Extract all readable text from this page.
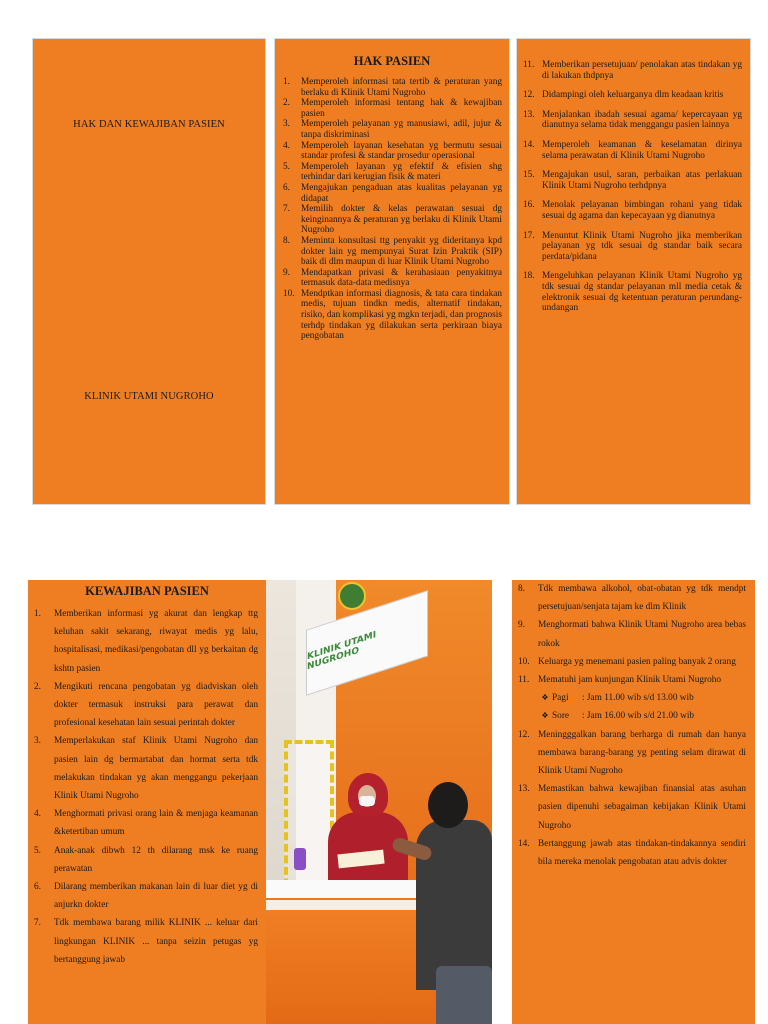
HAK DAN KEWAJIBAN PASIEN
KLINIK UTAMI NUGROHO
HAK PASIEN
1.	Memperoleh informasi tata tertib & peraturan yang berlaku di Klinik Utami Nugroho
2.	Memperoleh informasi tentang hak & kewajiban pasien
3.	Memperoleh pelayanan yg manusiawi, adil, jujur & tanpa diskriminasi
4.	Memperoleh layanan kesehatan yg bermutu sesuai standar profesi & standar prosedur operasional
5.	Memperoleh layanan yg efektif & efisien shg terhindar dari kerugian fisik & materi
6.	Mengajukan pengaduan atas kualitas pelayanan yg didapat
7.	Memilih dokter & kelas perawatan sesuai dg keinginannya & peraturan yg berlaku di Klinik Utami Nugroho
8.	Meminta konsultasi ttg penyakit yg dideritanya kpd dokter lain yg mempunyai Surat Izin Praktik (SIP) baik di dlm maupun di luar Klinik Utami Nugroho
9.	Mendapatkan privasi & kerahasiaan penyakitnya termasuk data-data medisnya
10. Mendptkan informasi diagnosis, & tata cara tindakan medis, tujuan tindkn medis, alternatif tindakan, risiko, dan komplikasi yg mgkn terjadi, dan prognosis terhdp tindakan yg dilakukan serta perkiraan biaya pengobatan
11. Memberikan persetujuan/ penolakan atas tindakan yg di lakukan thdpnya
12. Didampingi oleh keluarganya dlm keadaan kritis
13. Menjalankan ibadah sesuai agama/ kepercayaan yg dianutnya selama tidak menggangu pasien lainnya
14. Memperoleh keamanan & keselamatan dirinya selama perawatan di Klinik Utami Nugroho
15. Mengajukan usul, saran, perbaikan atas perlakuan Klinik Utami Nugroho terhdpnya
16. Menolak pelayanan bimbingan rohani yang tidak sesuai dg agama dan kepecayaan yg dianutnya
17. Menuntut Klinik Utami Nugroho jika memberikan pelayanan yg tdk sesuai dg standar baik secara perdata/pidana
18. Mengeluhkan pelayanan Klinik Utami Nugroho yg tdk sesuai dg standar pelayanan mll media cetak & elektronik sesuai dg ketentuan peraturan perundang-undangan
KEWAJIBAN PASIEN
1.	Memberikan informasi yg akurat dan lengkap ttg keluhan sakit sekarang, riwayat medis yg lalu, hospitalisasi, medikasi/pengobatan dll yg berkaitan dg kshtn pasien
2.	Mengikuti rencana pengobatan yg diadviskan oleh dokter termasuk instruksi para perawat dan profesional kesehatan lain sesuai perintah dokter
3.	Memperlakukan staf Klinik Utami Nugroho dan pasien lain dg bermartabat dan hormat serta tdk melakukan tindakan yg akan menggangu pekerjaan Klinik Utami Nugroho
4.	Menghormati privasi orang lain & menjaga keamanan &ketertiban umum
5.	Anak-anak dibwh 12 th dilarang msk ke ruang perawatan
6.	Dilarang memberikan makanan lain di luar diet yg di anjurkn dokter
7.	Tdk membawa barang milik KLINIK ... keluar dari lingkungan KLINIK ... tanpa seizin petugas yg bertanggung jawab
KLINIK UTAMI NUGROHO
8.	Tdk membawa alkohol, obat-obatan yg tdk mendpt persetujuan/senjata tajam ke dlm Klinik
9.	Menghormati bahwa Klinik Utami Nugroho area bebas rokok
10. Keluarga yg menemani pasien paling banyak 2 orang
11. Mematuhi jam kunjungan Klinik Utami Nugroho
❖ Pagi	: Jam 11.00 wib s/d 13.00 wib
❖ Sore	: Jam 16.00 wib s/d 21.00 wib
12. Meningggalkan barang berharga di rumah dan hanya membawa barang-barang yg penting selam dirawat di Klinik Utami Nugroho
13. Memastikan bahwa kewajiban finansial atas asuhan pasien dipenuhi sebagaiman kebijakan Klinik Utami Nugroho
14. Bertanggung jawab atas tindakan-tindakannya sendiri bila mereka menolak pengobatan atau advis dokter
